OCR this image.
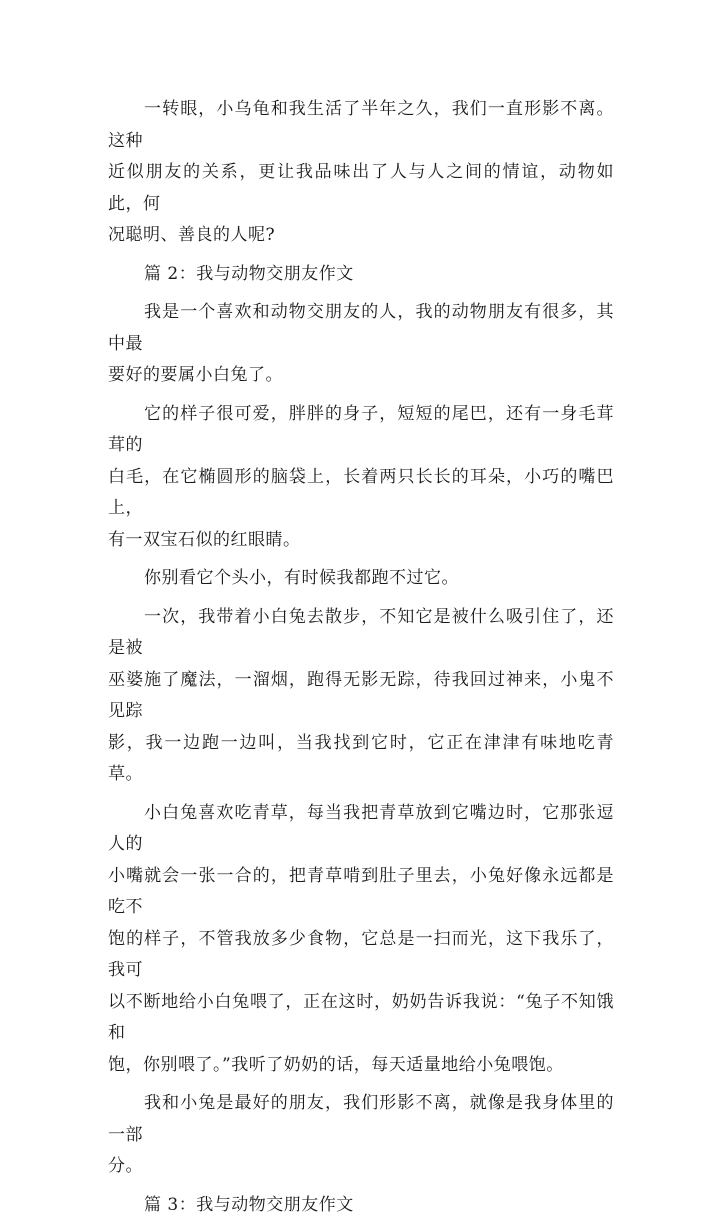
一转眼，小乌龟和我生活了半年之久，我们一直形影不离。这种
近似朋友的关系，更让我品味出了人与人之间的情谊，动物如此，何
况聪明、善良的人呢?

篇 2：我与动物交朋友作文

我是一个喜欢和动物交朋友的人，我的动物朋友有很多，其中最
要好的要属小白兔了。

它的样子很可爱，胖胖的身子，短短的尾巴，还有一身毛茸茸的
白毛，在它椭圆形的脑袋上，长着两只长长的耳朵，小巧的嘴巴上，
有一双宝石似的红眼睛。

你别看它个头小，有时候我都跑不过它。

一次，我带着小白兔去散步，不知它是被什么吸引住了，还是被
巫婆施了魔法，一溜烟，跑得无影无踪，待我回过神来，小鬼不见踪
影，我一边跑一边叫，当我找到它时，它正在津津有味地吃青草。

小白兔喜欢吃青草，每当我把青草放到它嘴边时，它那张逗人的
小嘴就会一张一合的，把青草啃到肚子里去，小兔好像永远都是吃不
饱的样子，不管我放多少食物，它总是一扫而光，这下我乐了，我可
以不断地给小白兔喂了，正在这时，奶奶告诉我说：“兔子不知饿和
饱，你别喂了。”我听了奶奶的话，每天适量地给小兔喂饱。

我和小兔是最好的朋友，我们形影不离，就像是我身体里的一部
分。

篇 3：我与动物交朋友作文
